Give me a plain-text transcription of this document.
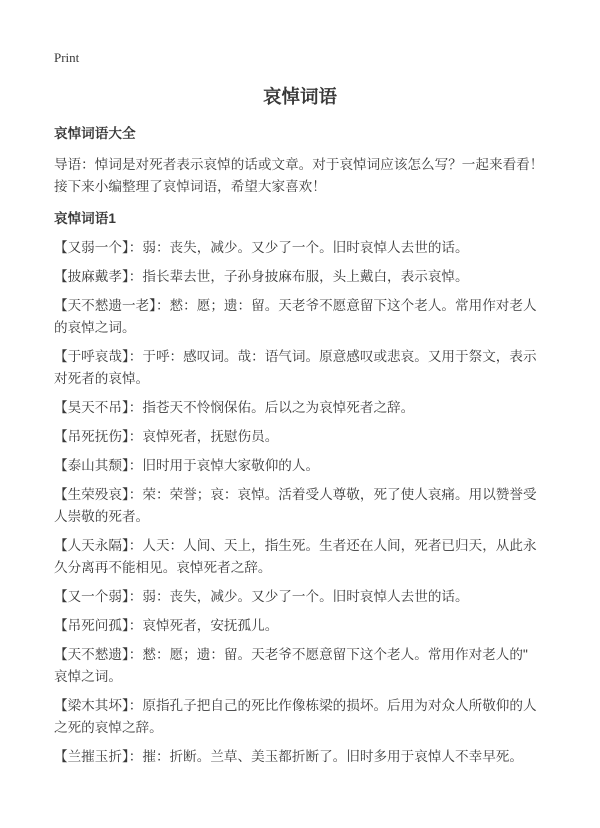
Print
哀悼词语
哀悼词语大全
导语：悼词是对死者表示哀悼的话或文章。对于哀悼词应该怎么写？一起来看看！
接下来小编整理了哀悼词语，希望大家喜欢！
哀悼词语1
【又弱一个】：弱：丧失，减少。又少了一个。旧时哀悼人去世的话。
【披麻戴孝】：指长辈去世，子孙身披麻布服，头上戴白，表示哀悼。
【天不憖遗一老】：憖：愿；遗：留。天老爷不愿意留下这个老人。常用作对老人
的哀悼之词。
【于呼哀哉】：于呼：感叹词。哉：语气词。原意感叹或悲哀。又用于祭文，表示
对死者的哀悼。
【昊天不吊】：指苍天不怜悯保佑。后以之为哀悼死者之辞。
【吊死抚伤】：哀悼死者，抚慰伤员。
【泰山其颓】：旧时用于哀悼大家敬仰的人。
【生荣殁哀】：荣：荣誉；哀：哀悼。活着受人尊敬，死了使人哀痛。用以赞誉受
人崇敬的死者。
【人天永隔】：人天：人间、天上，指生死。生者还在人间，死者已归天，从此永
久分离再不能相见。哀悼死者之辞。
【又一个弱】：弱：丧失，减少。又少了一个。旧时哀悼人去世的话。
【吊死问孤】：哀悼死者，安抚孤儿。
【天不憖遗】：憖：愿；遗：留。天老爷不愿意留下这个老人。常用作对老人的"
哀悼之词。
【梁木其坏】：原指孔子把自己的死比作像栋梁的损坏。后用为对众人所敬仰的人
之死的哀悼之辞。
【兰摧玉折】：摧：折断。兰草、美玉都折断了。旧时多用于哀悼人不幸早死。
